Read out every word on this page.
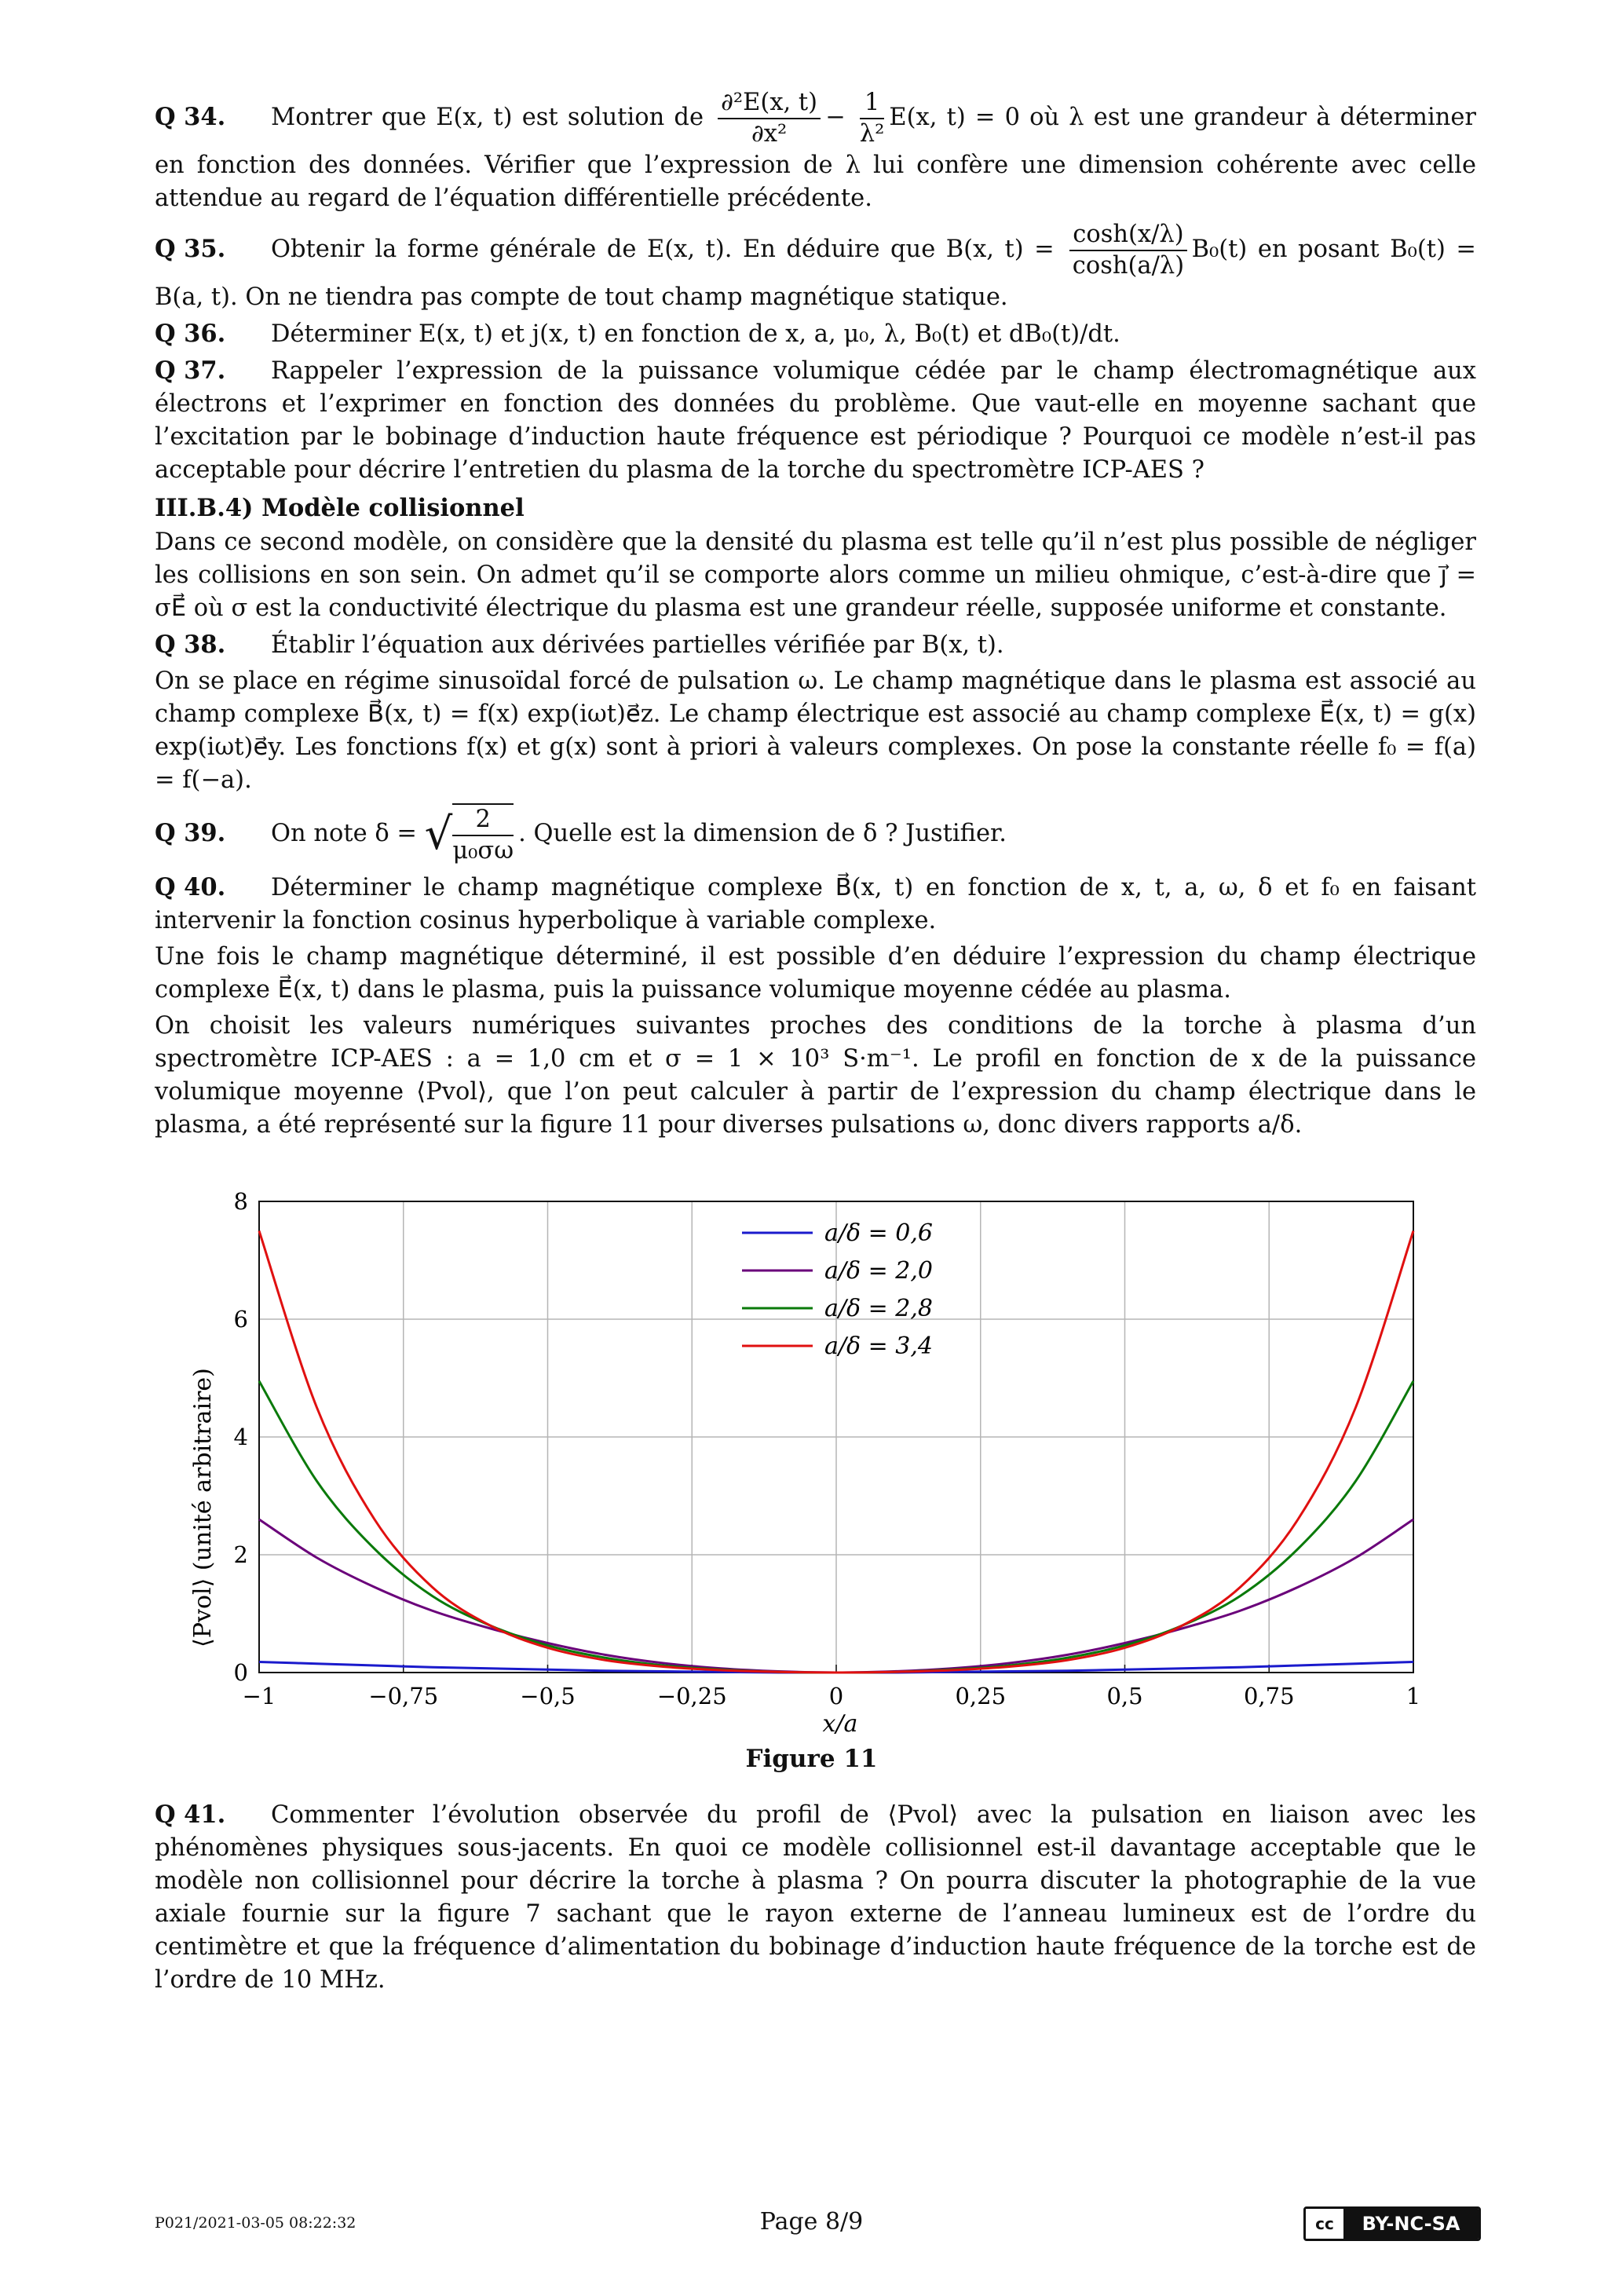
Q 34. Montrer que E(x, t) est solution de $\frac{\text{∂²E(x, t)}}{\text{∂x²}} - \frac{1}{\text{λ²}} E(x$, t) = 0 où λ est une grandeur à déterminer en fonction des données. Vérifier que l’expression de λ lui confère une dimension cohérente avec celle attendue au regard de l’équation différentielle précédente.

Q 35. Obtenir la forme générale de E(x, t). En déduire que B(x, $t) = \frac{\cosh(x/\lambda)}{\cosh(a/\lambda)} B_0(t)$ en posant B₀(t) = B(a, t). On ne tiendra pas compte de tout champ magnétique statique.

Q 36. Déterminer E(x, t) et j(x, t) en fonction de x, a, μ₀, λ, B₀(t) et dB₀(t)/dt.

Q 37. Rappeler l’expression de la puissance volumique cédée par le champ électromagnétique aux électrons et l’exprimer en fonction des données du problème. Que vaut-elle en moyenne sachant que l’excitation par le bobinage d’induction haute fréquence est périodique ? Pourquoi ce modèle n’est-il pas acceptable pour décrire l’entretien du plasma de la torche du spectromètre ICP-AES ?

III.B.4) Modèle collisionnel

Dans ce second modèle, on considère que la densité du plasma est telle qu’il n’est plus possible de négliger les collisions en son sein. On admet qu’il se comporte alors comme un milieu ohmique, c’est-à-dire que j⃗ = σE⃗ où σ est la conductivité électrique du plasma est une grandeur réelle, supposée uniforme et constante.

Q 38. Établir l’équation aux dérivées partielles vérifiée par B(x, t).

On se place en régime sinusoïdal forcé de pulsation ω. Le champ magnétique dans le plasma est associé au champ complexe B⃗(x, t) = f(x) exp(iωt)e⃗z. Le champ électrique est associé au champ complexe E⃗(x, t) = g(x) exp(iωt)e⃗y. Les fonctions f(x) et g(x) sont à priori à valeurs complexes. On pose la constante réelle f₀ = f(a) = f(−a).

Q 39. On note δ = √ $\frac{2}{\text{μ₀σω}}$ . Quelle est la dimension de δ ? Justifier.

Q 40. Déterminer le champ magnétique complexe B⃗(x, t) en fonction de x, t, a, ω, δ et f₀ en faisant intervenir la fonction cosinus hyperbolique à variable complexe.

Une fois le champ magnétique déterminé, il est possible d’en déduire l’expression du champ électrique complexe E⃗(x, t) dans le plasma, puis la puissance volumique moyenne cédée au plasma.

On choisit les valeurs numériques suivantes proches des conditions de la torche à plasma d’un spectromètre ICP-AES : a = 1,0 cm et σ = 1 × 10³ S·m⁻¹. Le profil en fonction de x de la puissance volumique moyenne ⟨Pvol⟩, que l’on peut calculer à partir de l’expression du champ électrique dans le plasma, a été représenté sur la figure 11 pour diverses pulsations ω, donc divers rapports a/δ.

⟨Pvol⟩ (unité arbitraire)
x/a
−1	−0,75	−0,5	−0,25	0	0,25	0,5	0,75	1
0
2
4
6
8
a/δ = 0,6
a/δ = 2,0
a/δ = 2,8
a/δ = 3,4
Figure 11

Q 41. Commenter l’évolution observée du profil de ⟨Pvol⟩ avec la pulsation en liaison avec les phénomènes physiques sous-jacents. En quoi ce modèle collisionnel est-il davantage acceptable que le modèle non collisionnel pour décrire la torche à plasma ? On pourra discuter la photographie de la vue axiale fournie sur la figure 7 sachant que le rayon externe de l’anneau lumineux est de l’ordre du centimètre et que la fréquence d’alimentation du bobinage d’induction haute fréquence de la torche est de l’ordre de 10 MHz.

P021/2021-03-05 08:22:32	Page 8/9	cc	BY-NC-SA
